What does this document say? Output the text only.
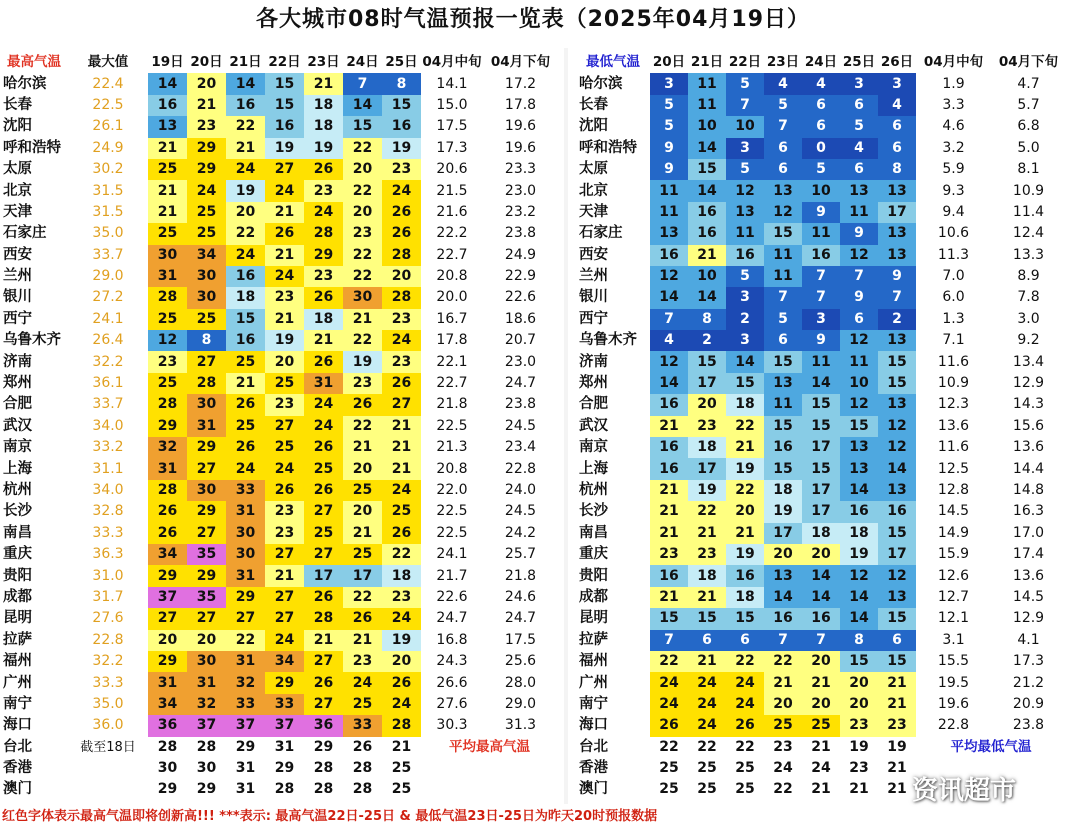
各大城市08时气温预报一览表（2025年04月19日）
最高气温	最大值	19日	20日	21日	22日	23日	24日	25日	04月中旬	04月下旬
哈尔滨	22.4	14	20	14	15	21	7	8	14.1	17.2
长春	22.5	16	21	16	15	18	14	15	15.0	17.8
沈阳	26.1	13	23	22	16	18	15	16	17.5	19.6
呼和浩特	24.9	21	29	21	19	19	22	19	17.3	19.6
太原	30.2	25	29	24	27	26	20	23	20.6	23.3
北京	31.5	21	24	19	24	23	22	24	21.5	23.0
天津	31.5	21	25	20	21	24	20	26	21.6	23.2
石家庄	35.0	25	25	22	26	28	23	26	22.2	23.8
西安	33.7	30	34	24	21	29	22	28	22.7	24.9
兰州	29.0	31	30	16	24	23	22	20	20.8	22.9
银川	27.2	28	30	18	23	26	30	28	20.0	22.6
西宁	24.1	25	25	15	21	18	21	23	16.7	18.6
乌鲁木齐	26.4	12	8	16	19	21	22	24	17.8	20.7
济南	32.2	23	27	25	20	26	19	23	22.1	23.0
郑州	36.1	25	28	21	25	31	23	26	22.7	24.7
合肥	33.7	28	30	26	23	24	26	27	21.8	23.8
武汉	34.0	29	31	25	27	24	22	21	22.5	24.5
南京	33.2	32	29	26	25	26	21	21	21.3	23.4
上海	31.1	31	27	24	24	25	20	21	20.8	22.8
杭州	34.0	28	30	33	26	26	25	24	22.0	24.0
长沙	32.8	26	29	31	23	27	20	25	22.5	24.5
南昌	33.3	26	27	30	23	25	21	26	22.5	24.2
重庆	36.3	34	35	30	27	27	25	22	24.1	25.7
贵阳	31.0	29	29	31	21	17	17	18	21.7	21.8
成都	31.7	37	35	29	27	26	22	23	22.6	24.6
昆明	27.6	27	27	27	27	28	26	24	24.7	24.7
拉萨	22.8	20	20	22	24	21	21	19	16.8	17.5
福州	32.2	29	30	31	34	27	23	20	24.3	25.6
广州	33.3	31	31	32	29	26	24	26	26.6	28.0
南宁	35.0	34	32	33	33	27	25	24	27.6	29.0
海口	36.0	36	37	37	37	36	33	28	30.3	31.3
台北	截至18日	28	28	29	31	29	26	21	平均最高气温	
香港		30	30	31	29	28	28	25		
澳门		29	29	31	28	28	28	25		
最低气温	20日	21日	22日	23日	24日	25日	26日	04月中旬	04月下旬
哈尔滨	3	11	5	4	4	3	3	1.9	4.7
长春	5	11	7	5	6	6	4	3.3	5.7
沈阳	5	10	10	7	6	5	6	4.6	6.8
呼和浩特	9	14	3	6	0	4	6	3.2	5.0
太原	9	15	5	6	5	6	8	5.9	8.1
北京	11	14	12	13	10	13	13	9.3	10.9
天津	11	16	13	12	9	11	17	9.4	11.4
石家庄	13	16	11	15	11	9	13	10.6	12.4
西安	16	21	16	11	16	12	13	11.3	13.3
兰州	12	10	5	11	7	7	9	7.0	8.9
银川	14	14	3	7	7	9	7	6.0	7.8
西宁	7	8	2	5	3	6	2	1.3	3.0
乌鲁木齐	4	2	3	6	9	12	13	7.1	9.2
济南	12	15	14	15	11	11	15	11.6	13.4
郑州	14	17	15	13	14	10	15	10.9	12.9
合肥	16	20	18	11	15	12	13	12.3	14.3
武汉	21	23	22	15	15	15	12	13.6	15.6
南京	16	18	21	16	17	13	12	11.6	13.6
上海	16	17	19	15	15	13	14	12.5	14.4
杭州	21	19	22	18	17	14	13	12.8	14.8
长沙	21	22	20	19	17	16	16	14.5	16.3
南昌	21	21	21	17	18	18	15	14.9	17.0
重庆	23	23	19	20	20	19	17	15.9	17.4
贵阳	16	18	16	13	14	12	12	12.6	13.6
成都	21	21	18	14	14	14	13	12.7	14.5
昆明	15	15	15	16	16	14	15	12.1	12.9
拉萨	7	6	6	7	7	8	6	3.1	4.1
福州	22	21	22	22	20	15	15	15.5	17.3
广州	24	24	24	21	21	20	21	19.5	21.2
南宁	24	24	24	20	20	20	21	19.6	20.9
海口	26	24	26	25	25	23	23	22.8	23.8
台北	22	22	22	23	21	19	19	平均最低气温	
香港	25	25	25	24	24	23	21		
澳门	25	25	25	22	21	21	21		
红色字体表示最高气温即将创新高!!! ***表示: 最高气温22日-25日 & 最低气温23日-25日为昨天20时预报数据
资讯超市
